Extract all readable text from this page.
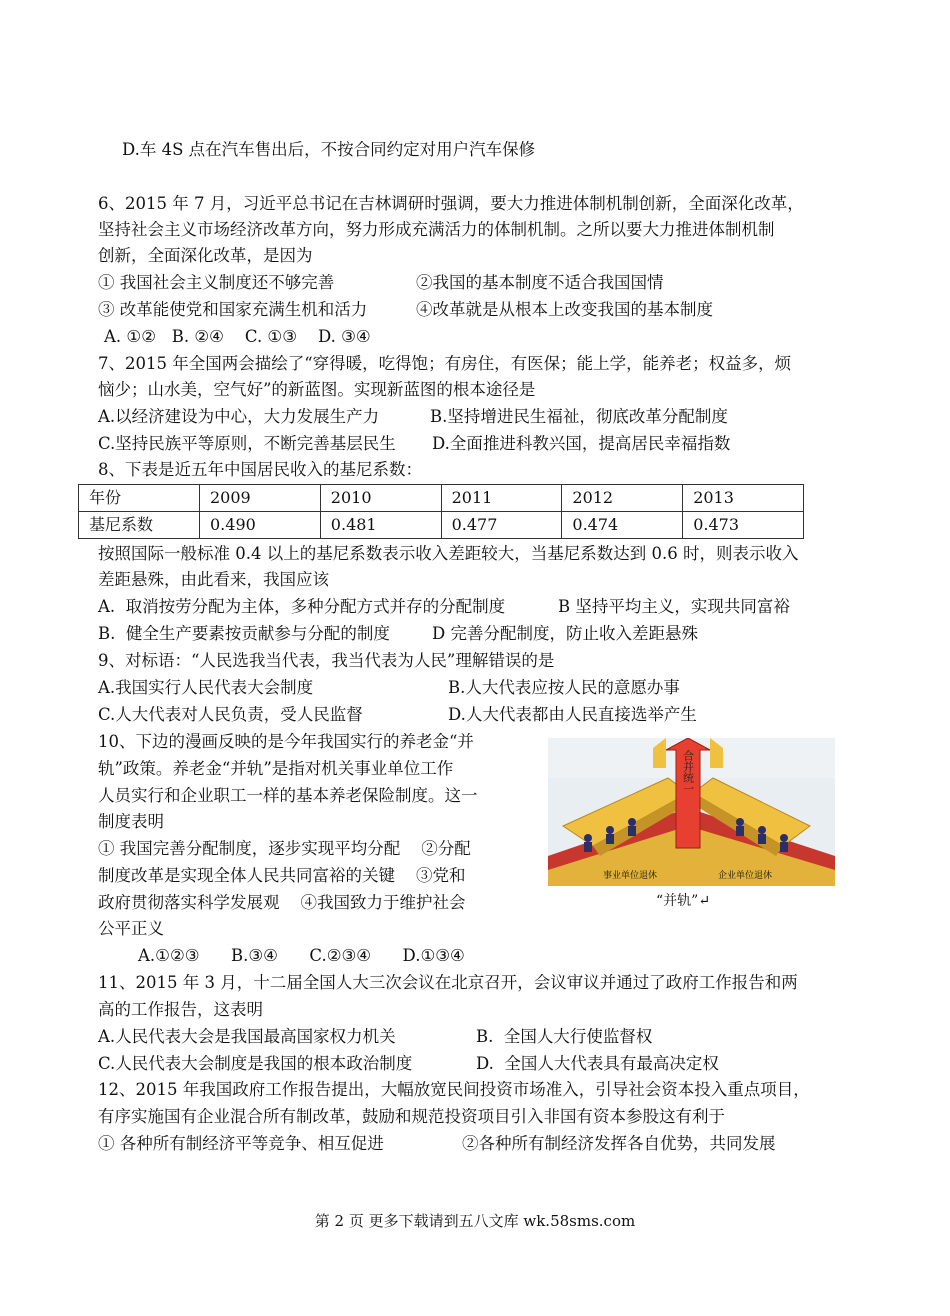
D.车 4S 点在汽车售出后，不按合同约定对用户汽车保修
6、2015 年 7 月，习近平总书记在吉林调研时强调，要大力推进体制机制创新，全面深化改革，
坚持社会主义市场经济改革方向，努力形成充满活力的体制机制。之所以要大力推进体制机制
创新，全面深化改革，是因为
① 我国社会主义制度还不够完善	②我国的基本制度不适合我国国情
③ 改革能使党和国家充满生机和活力	④改革就是从根本上改变我国的基本制度
A. ①②   B. ②④    C. ①③    D. ③④
7、2015 年全国两会描绘了“穿得暖，吃得饱；有房住，有医保；能上学，能养老；权益多，烦
恼少；山水美，空气好”的新蓝图。实现新蓝图的根本途径是
A.以经济建设为中心，大力发展生产力	B.坚持增进民生福祉，彻底改革分配制度
C.坚持民族平等原则，不断完善基层民生 D.全面推进科教兴国，提高居民幸福指数
8、下表是近五年中国居民收入的基尼系数：
年份	2009	2010	2011	2012	2013
基尼系数	0.490	0.481	0.477	0.474	0.473
按照国际一般标准 0.4 以上的基尼系数表示收入差距较大，当基尼系数达到 0.6 时，则表示收入
差距悬殊，由此看来，我国应该
A.  取消按劳分配为主体，多种分配方式并存的分配制度	B 坚持平均主义，实现共同富裕
B.  健全生产要素按贡献参与分配的制度	D 完善分配制度，防止收入差距悬殊
9、对标语：“人民选我当代表，我当代表为人民”理解错误的是
A.我国实行人民代表大会制度	B.人大代表应按人民的意愿办事
C.人大代表对人民负责，受人民监督	D.人大代表都由人民直接选举产生
10、下边的漫画反映的是今年我国实行的养老金“并
轨”政策。养老金“并轨”是指对机关事业单位工作
人员实行和企业职工一样的基本养老保险制度。这一
制度表明
① 我国完善分配制度，逐步实现平均分配    ②分配
制度改革是实现全体人民共同富裕的关键    ③党和
政府贯彻落实科学发展观    ④我国致力于维护社会
公平正义
A.①②③      B.③④      C.②③④      D.①③④
合并统一
事业单位退休	企业单位退休
“并轨”↵
11、2015 年 3 月，十二届全国人大三次会议在北京召开，会议审议并通过了政府工作报告和两
高的工作报告，这表明
A.人民代表大会是我国最高国家权力机关	B.  全国人大行使监督权
C.人民代表大会制度是我国的根本政治制度	D.  全国人大代表具有最高决定权
12、2015 年我国政府工作报告提出，大幅放宽民间投资市场准入，引导社会资本投入重点项目，
有序实施国有企业混合所有制改革，鼓励和规范投资项目引入非国有资本参股这有利于
① 各种所有制经济平等竞争、相互促进	②各种所有制经济发挥各自优势，共同发展
第 2 页 更多下载请到五八文库 wk.58sms.com
